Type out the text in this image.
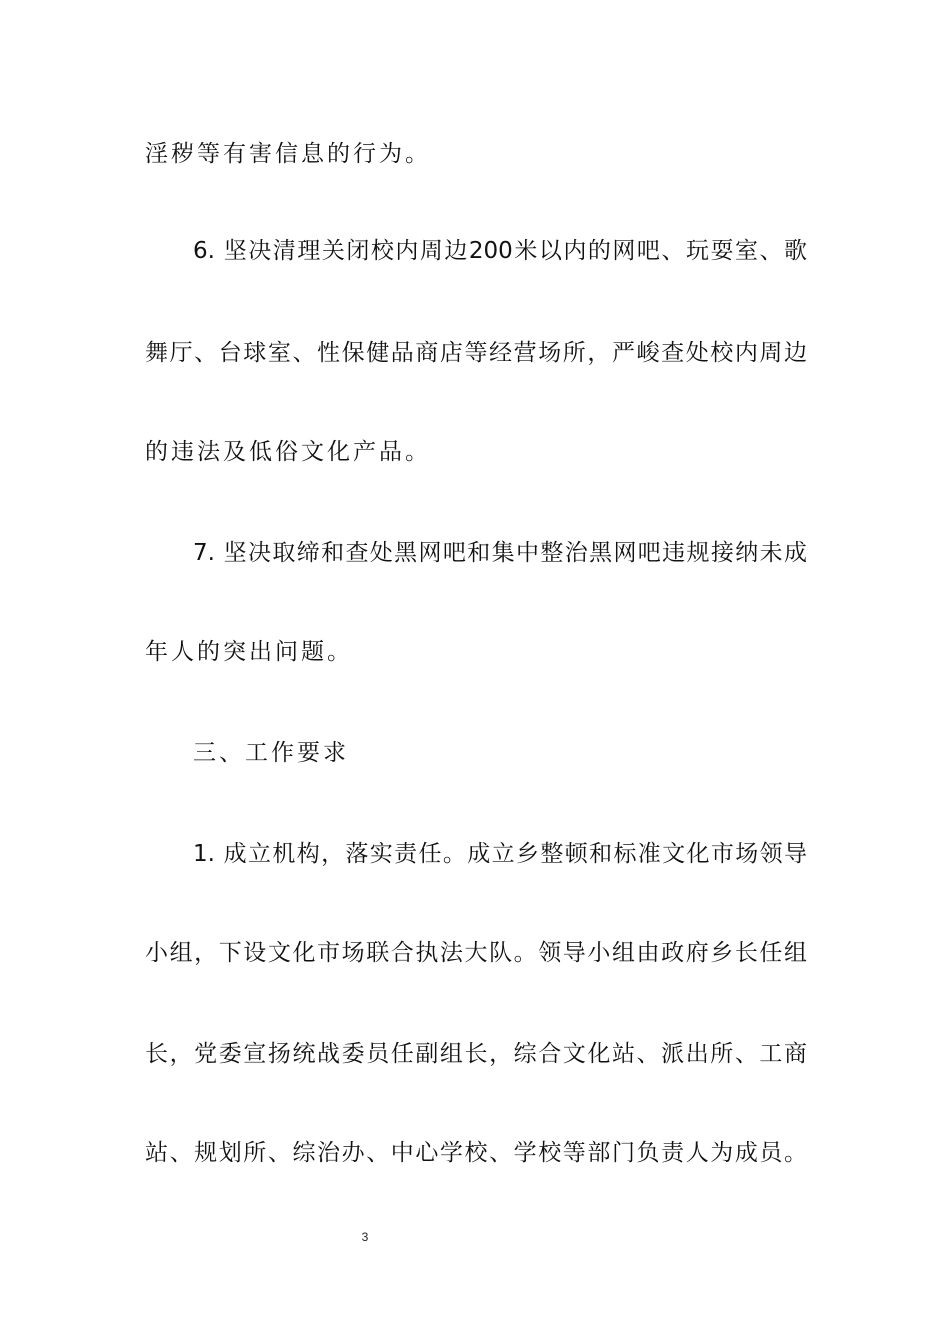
淫秽等有害信息的行为。
6. 坚决清理关闭校内周边200米以内的网吧、玩耍室、歌
舞厅、台球室、性保健品商店等经营场所，严峻查处校内周边
的违法及低俗文化产品。
7. 坚决取缔和查处黑网吧和集中整治黑网吧违规接纳未成
年人的突出问题。
三、工作要求
1. 成立机构，落实责任。成立乡整顿和标准文化市场领导
小组，下设文化市场联合执法大队。领导小组由政府乡长任组
长，党委宣扬统战委员任副组长，综合文化站、派出所、工商
站、规划所、综治办、中心学校、学校等部门负责人为成员。
3
